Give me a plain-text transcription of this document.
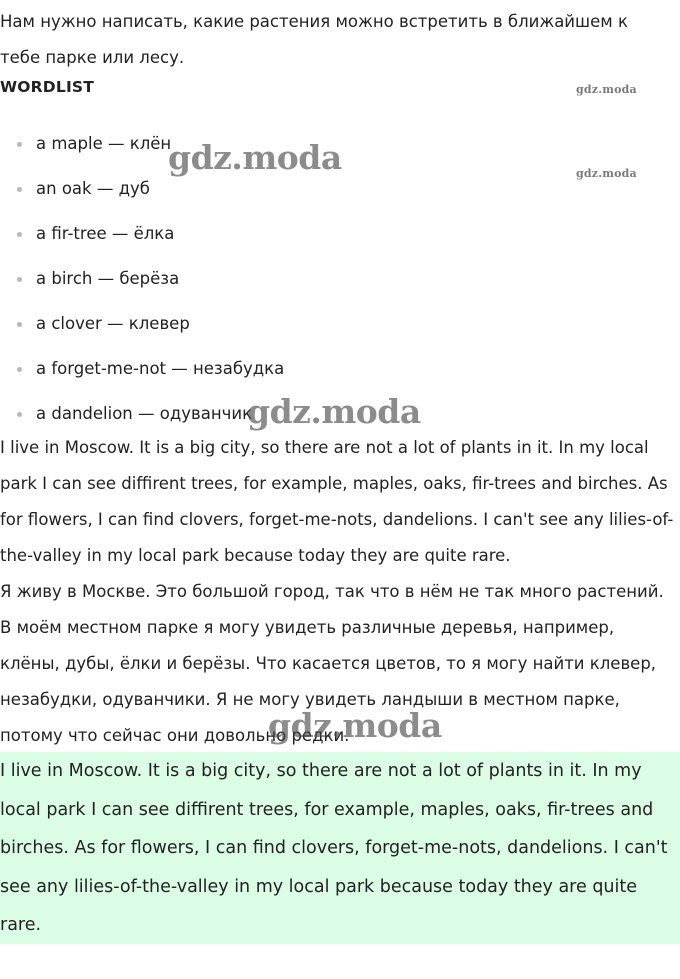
Нам нужно написать, какие растения можно встретить в ближайшем к тебе парке или лесу.

WORDLIST
a maple — клён
an oak — дуб
a fir-tree — ёлка
a birch — берёза
a clover — клевер
a forget-me-not — незабудка
a dandelion — одуванчик

I live in Moscow. It is a big city, so there are not a lot of plants in it. In my local park I can see diffirent trees, for example, maples, oaks, fir-trees and birches. As for flowers, I can find clovers, forget-me-nots, dandelions. I can't see any lilies-of-the-valley in my local park because today they are quite rare.

Я живу в Москве. Это большой город, так что в нём не так много растений. В моём местном парке я могу увидеть различные деревья, например, клёны, дубы, ёлки и берёзы. Что касается цветов, то я могу найти клевер, незабудки, одуванчики. Я не могу увидеть ландыши в местном парке, потому что сейчас они довольно редки.

I live in Moscow. It is a big city, so there are not a lot of plants in it. In my local park I can see diffirent trees, for example, maples, oaks, fir-trees and birches. As for flowers, I can find clovers, forget-me-nots, dandelions. I can't see any lilies-of-the-valley in my local park because today they are quite rare.

gdz.moda
gdz.moda
gdz.moda
gdz.moda
gdz.moda
